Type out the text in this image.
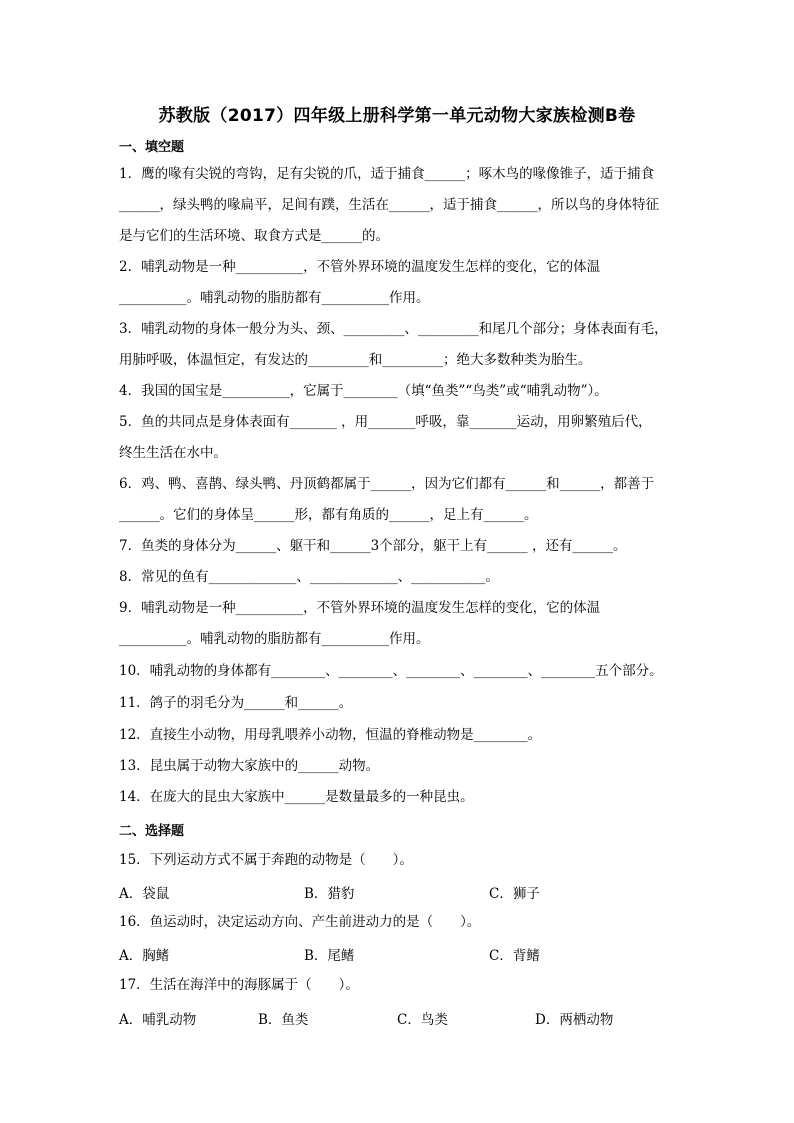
苏教版（2017）四年级上册科学第一单元动物大家族检测B卷
一、填空题
1．鹰的喙有尖锐的弯钩，足有尖锐的爪，适于捕食______；啄木鸟的喙像锥子，适于捕食
______，绿头鸭的喙扁平，足间有蹼，生活在______，适于捕食______，所以鸟的身体特征
是与它们的生活环境、取食方式是______的。
2．哺乳动物是一种__________，不管外界环境的温度发生怎样的变化，它的体温
__________。哺乳动物的脂肪都有__________作用。
3．哺乳动物的身体一般分为头、颈、_________、_________和尾几个部分；身体表面有毛，
用肺呼吸，体温恒定，有发达的_________和_________；绝大多数种类为胎生。
4．我国的国宝是__________，它属于________（填“鱼类”“鸟类”或“哺乳动物”）。
5．鱼的共同点是身体表面有_______ ，用_______呼吸，靠_______运动，用卵繁殖后代，
终生生活在水中。
6．鸡、鸭、喜鹊、绿头鸭、丹顶鹤都属于______，因为它们都有______和______，都善于
______。它们的身体呈______形，都有角质的______，足上有______。
7．鱼类的身体分为______、躯干和______3个部分，躯干上有______ ，还有______。
8．常见的鱼有_____________、_____________、___________。
9．哺乳动物是一种__________，不管外界环境的温度发生怎样的变化，它的体温
__________。哺乳动物的脂肪都有__________作用。
10．哺乳动物的身体都有________、________、________、________、________五个部分。
11．鸽子的羽毛分为______和______。
12．直接生小动物，用母乳喂养小动物，恒温的脊椎动物是________。
13．昆虫属于动物大家族中的______动物。
14．在庞大的昆虫大家族中______是数量最多的一种昆虫。
二、选择题
15．下列运动方式不属于奔跑的动物是（　　）。
A．袋鼠	B．猎豹	C．狮子
16．鱼运动时，决定运动方向、产生前进动力的是（　　）。
A．胸鳍	B．尾鳍	C．背鳍
17．生活在海洋中的海豚属于（　　）。
A．哺乳动物	B．鱼类	C．鸟类	D．两栖动物
